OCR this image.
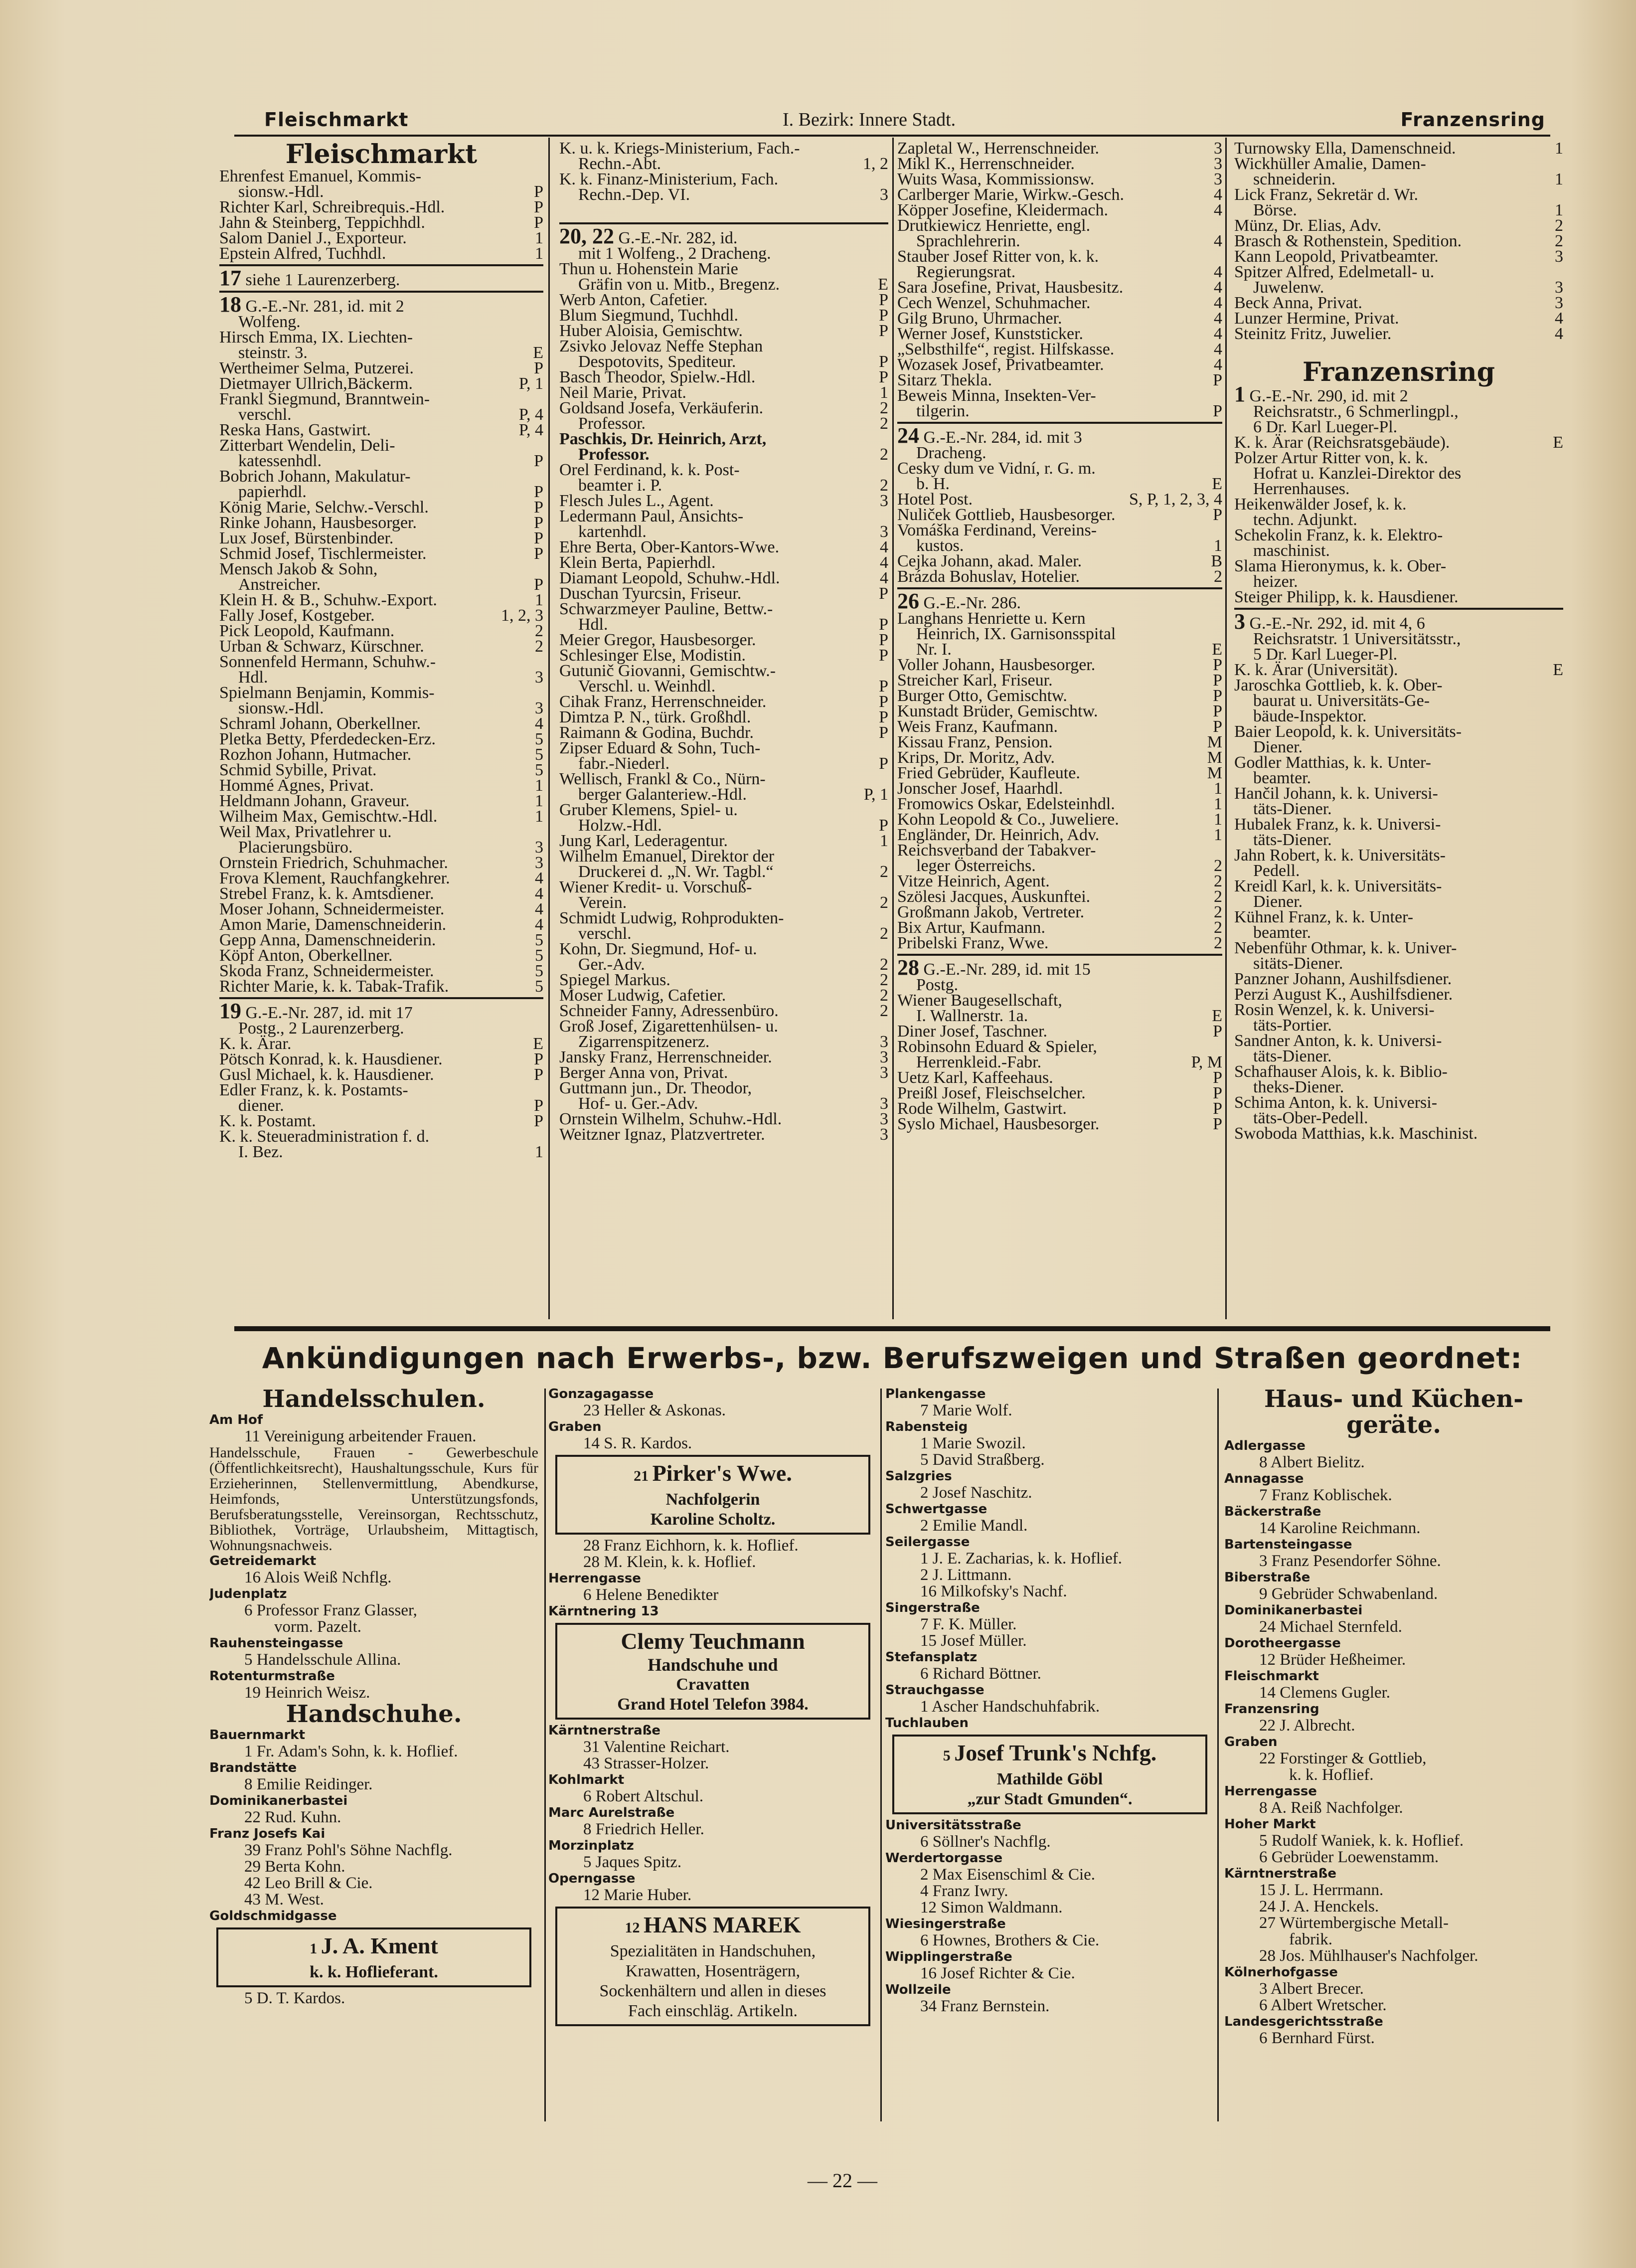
Fleischmarkt	I. Bezirk: Innere Stadt.	Franzensring
Fleischmarkt
Ehrenfest Emanuel, Kommis-
sionsw.-Hdl.	P
Richter Karl, Schreibrequis.-Hdl.	P
Jahn & Steinberg, Teppichhdl.	P
Salom Daniel J., Exporteur.	1
Epstein Alfred, Tuchhdl.	1
17 siehe 1 Laurenzerberg.
18 G.-E.-Nr. 281, id. mit 2
Wolfeng.
Hirsch Emma, IX. Liechten-
steinstr. 3.	E
Wertheimer Selma, Putzerei.	P
Dietmayer Ullrich,Bäckerm.	P, 1
Frankl Siegmund, Branntwein-
verschl.	P, 4
Reska Hans, Gastwirt.	P, 4
Zitterbart Wendelin, Deli-
katessenhdl.	P
Bobrich Johann, Makulatur-
papierhdl.	P
König Marie, Selchw.-Verschl.	P
Rinke Johann, Hausbesorger.	P
Lux Josef, Bürstenbinder.	P
Schmid Josef, Tischlermeister.	P
Mensch Jakob & Sohn,
Anstreicher.	P
Klein H. & B., Schuhw.-Export.	1
Fally Josef, Kostgeber.	1, 2, 3
Pick Leopold, Kaufmann.	2
Urban & Schwarz, Kürschner.	2
Sonnenfeld Hermann, Schuhw.-
Hdl.	3
Spielmann Benjamin, Kommis-
sionsw.-Hdl.	3
Schraml Johann, Oberkellner.	4
Pletka Betty, Pferdedecken-Erz.	5
Rozhon Johann, Hutmacher.	5
Schmid Sybille, Privat.	5
Hommé Agnes, Privat.	1
Heldmann Johann, Graveur.	1
Wilheim Max, Gemischtw.-Hdl.	1
Weil Max, Privatlehrer u.
Placierungsbüro.	3
Ornstein Friedrich, Schuhmacher.	3
Frova Klement, Rauchfangkehrer.	4
Strebel Franz, k. k. Amtsdiener.	4
Moser Johann, Schneidermeister.	4
Amon Marie, Damenschneiderin.	4
Gepp Anna, Damenschneiderin.	5
Köpf Anton, Oberkellner.	5
Skoda Franz, Schneidermeister.	5
Richter Marie, k. k. Tabak-Trafik.	5
19 G.-E.-Nr. 287, id. mit 17
Postg., 2 Laurenzerberg.
K. k. Ärar.	E
Pötsch Konrad, k. k. Hausdiener.	P
Gusl Michael, k. k. Hausdiener.	P
Edler Franz, k. k. Postamts-
diener.	P
K. k. Postamt.	P
K. k. Steueradministration f. d.
I. Bez.	1
K. u. k. Kriegs-Ministerium, Fach.-
Rechn.-Abt.	1, 2
K. k. Finanz-Ministerium, Fach.
Rechn.-Dep. VI.	3
20, 22 G.-E.-Nr. 282, id.
mit 1 Wolfeng., 2 Dracheng.
Thun u. Hohenstein Marie
Gräfin von u. Mitb., Bregenz.	E
Werb Anton, Cafetier.	P
Blum Siegmund, Tuchhdl.	P
Huber Aloisia, Gemischtw.	P
Zsivko Jelovaz Neffe Stephan
Despotovits, Spediteur.	P
Basch Theodor, Spielw.-Hdl.	P
Neil Marie, Privat.	1
Goldsand Josefa, Verkäuferin.	2
Professor.	2
Paschkis, Dr. Heinrich, Arzt,
Professor.	2
Orel Ferdinand, k. k. Post-
beamter i. P.	2
Flesch Jules L., Agent.	3
Ledermann Paul, Ansichts-
kartenhdl.	3
Ehre Berta, Ober-Kantors-Wwe.	4
Klein Berta, Papierhdl.	4
Diamant Leopold, Schuhw.-Hdl.	4
Duschan Tyurcsin, Friseur.	P
Schwarzmeyer Pauline, Bettw.-
Hdl.	P
Meier Gregor, Hausbesorger.	P
Schlesinger Else, Modistin.	P
Gutunič Giovanni, Gemischtw.-
Verschl. u. Weinhdl.	P
Cihak Franz, Herrenschneider.	P
Dimtza P. N., türk. Großhdl.	P
Raimann & Godina, Buchdr.	P
Zipser Eduard & Sohn, Tuch-
fabr.-Niederl.	P
Wellisch, Frankl & Co., Nürn-
berger Galanteriew.-Hdl.	P, 1
Gruber Klemens, Spiel- u.
Holzw.-Hdl.	P
Jung Karl, Lederagentur.	1
Wilhelm Emanuel, Direktor der
Druckerei d. „N. Wr. Tagbl.“	2
Wiener Kredit- u. Vorschuß-
Verein.	2
Schmidt Ludwig, Rohprodukten-
verschl.	2
Kohn, Dr. Siegmund, Hof- u.
Ger.-Adv.	2
Spiegel Markus.	2
Moser Ludwig, Cafetier.	2
Schneider Fanny, Adressenbüro.	2
Groß Josef, Zigarettenhülsen- u.
Zigarrenspitzenerz.	3
Jansky Franz, Herrenschneider.	3
Berger Anna von, Privat.	3
Guttmann jun., Dr. Theodor,
Hof- u. Ger.-Adv.	3
Ornstein Wilhelm, Schuhw.-Hdl.	3
Weitzner Ignaz, Platzvertreter.	3
Zapletal W., Herrenschneider.	3
Mikl K., Herrenschneider.	3
Wuits Wasa, Kommissionsw.	3
Carlberger Marie, Wirkw.-Gesch.	4
Köpper Josefine, Kleidermach.	4
Drutkiewicz Henriette, engl.
Sprachlehrerin.	4
Stauber Josef Ritter von, k. k.
Regierungsrat.	4
Sara Josefine, Privat, Hausbesitz.	4
Cech Wenzel, Schuhmacher.	4
Gilg Bruno, Uhrmacher.	4
Werner Josef, Kunststicker.	4
„Selbsthilfe“, regist. Hilfskasse.	4
Wozasek Josef, Privatbeamter.	4
Sitarz Thekla.	P
Beweis Minna, Insekten-Ver-
tilgerin.	P
24 G.-E.-Nr. 284, id. mit 3
Dracheng.
Cesky dum ve Vidní, r. G. m.
b. H.	E
Hotel Post.	S, P, 1, 2, 3, 4
Nuliček Gottlieb, Hausbesorger.	P
Vomáška Ferdinand, Vereins-
kustos.	1
Cejka Johann, akad. Maler.	B
Brázda Bohuslav, Hotelier.	2
26 G.-E.-Nr. 286.
Langhans Henriette u. Kern
Heinrich, IX. Garnisonsspital
Nr. I.	E
Voller Johann, Hausbesorger.	P
Streicher Karl, Friseur.	P
Burger Otto, Gemischtw.	P
Kunstadt Brüder, Gemischtw.	P
Weis Franz, Kaufmann.	P
Kissau Franz, Pension.	M
Krips, Dr. Moritz, Adv.	M
Fried Gebrüder, Kaufleute.	M
Jonscher Josef, Haarhdl.	1
Fromowics Oskar, Edelsteinhdl.	1
Kohn Leopold & Co., Juweliere.	1
Engländer, Dr. Heinrich, Adv.	1
Reichsverband der Tabakver-
leger Österreichs.	2
Vitze Heinrich, Agent.	2
Szölesi Jacques, Auskunftei.	2
Großmann Jakob, Vertreter.	2
Bix Artur, Kaufmann.	2
Pribelski Franz, Wwe.	2
28 G.-E.-Nr. 289, id. mit 15
Postg.
Wiener Baugesellschaft,
I. Wallnerstr. 1a.	E
Diner Josef, Taschner.	P
Robinsohn Eduard & Spieler,
Herrenkleid.-Fabr.	P, M
Uetz Karl, Kaffeehaus.	P
Preißl Josef, Fleischselcher.	P
Rode Wilhelm, Gastwirt.	P
Syslo Michael, Hausbesorger.	P
Turnowsky Ella, Damenschneid.	1
Wickhüller Amalie, Damen-
schneiderin.	1
Lick Franz, Sekretär d. Wr.
Börse.	1
Münz, Dr. Elias, Adv.	2
Brasch & Rothenstein, Spedition.	2
Kann Leopold, Privatbeamter.	3
Spitzer Alfred, Edelmetall- u.
Juwelenw.	3
Beck Anna, Privat.	3
Lunzer Hermine, Privat.	4
Steinitz Fritz, Juwelier.	4
Franzensring
1 G.-E.-Nr. 290, id. mit 2
Reichsratstr., 6 Schmerlingpl.,
6 Dr. Karl Lueger-Pl.
K. k. Ärar (Reichsratsgebäude).	E
Polzer Artur Ritter von, k. k.
Hofrat u. Kanzlei-Direktor des
Herrenhauses.
Heikenwälder Josef, k. k.
techn. Adjunkt.
Schekolin Franz, k. k. Elektro-
maschinist.
Slama Hieronymus, k. k. Ober-
heizer.
Steiger Philipp, k. k. Hausdiener.
3 G.-E.-Nr. 292, id. mit 4, 6
Reichsratstr. 1 Universitätsstr.,
5 Dr. Karl Lueger-Pl.
K. k. Ärar (Universität).	E
Jaroschka Gottlieb, k. k. Ober-
baurat u. Universitäts-Ge-
bäude-Inspektor.
Baier Leopold, k. k. Universitäts-
Diener.
Godler Matthias, k. k. Unter-
beamter.
Hančil Johann, k. k. Universi-
täts-Diener.
Hubalek Franz, k. k. Universi-
täts-Diener.
Jahn Robert, k. k. Universitäts-
Pedell.
Kreidl Karl, k. k. Universitäts-
Diener.
Kühnel Franz, k. k. Unter-
beamter.
Nebenführ Othmar, k. k. Univer-
sitäts-Diener.
Panzner Johann, Aushilfsdiener.
Perzi August K., Aushilfsdiener.
Rosin Wenzel, k. k. Universi-
täts-Portier.
Sandner Anton, k. k. Universi-
täts-Diener.
Schafhauser Alois, k. k. Biblio-
theks-Diener.
Schima Anton, k. k. Universi-
täts-Ober-Pedell.
Swoboda Matthias, k.k. Maschinist.
Ankündigungen nach Erwerbs-, bzw. Berufszweigen und Straßen geordnet:
Handelsschulen.
Am Hof
11 Vereinigung arbeitender Frauen.
Handelsschule, Frauen - Gewerbeschule (Öffentlichkeitsrecht), Haushaltungsschule, Kurs für Erzieherinnen, Stellenvermittlung, Abendkurse, Heimfonds, Unterstützungsfonds, Berufsberatungsstelle, Vereinsorgan, Rechtsschutz, Bibliothek, Vorträge, Urlaubsheim, Mittagtisch, Wohnungsnachweis.
Getreidemarkt
16 Alois Weiß Nchflg.
Judenplatz
6 Professor Franz Glasser,
vorm. Pazelt.
Rauhensteingasse
5 Handelsschule Allina.
Rotenturmstraße
19 Heinrich Weisz.
Handschuhe.
Bauernmarkt
1 Fr. Adam's Sohn, k. k. Hoflief.
Brandstätte
8 Emilie Reidinger.
Dominikanerbastei
22 Rud. Kuhn.
Franz Josefs Kai
39 Franz Pohl's Söhne Nachflg.
29 Berta Kohn.
42 Leo Brill & Cie.
43 M. West.
Goldschmidgasse
1 J. A. Kment
k. k. Hoflieferant.
5 D. T. Kardos.
Gonzagagasse
23 Heller & Askonas.
Graben
14 S. R. Kardos.
21 Pirker's Wwe.
Nachfolgerin
Karoline Scholtz.
28 Franz Eichhorn, k. k. Hoflief.
28 M. Klein, k. k. Hoflief.
Herrengasse
6 Helene Benedikter
Kärntnering 13
Clemy Teuchmann
Handschuhe und
Cravatten
Grand Hotel Telefon 3984.
Kärntnerstraße
31 Valentine Reichart.
43 Strasser-Holzer.
Kohlmarkt
6 Robert Altschul.
Marc Aurelstraße
8 Friedrich Heller.
Morzinplatz
5 Jaques Spitz.
Operngasse
12 Marie Huber.
12 HANS MAREK
Spezialitäten in Handschuhen,
Krawatten, Hosenträgern,
Sockenhältern und allen in dieses
Fach einschläg. Artikeln.
Plankengasse
7 Marie Wolf.
Rabensteig
1 Marie Swozil.
5 David Straßberg.
Salzgries
2 Josef Naschitz.
Schwertgasse
2 Emilie Mandl.
Seilergasse
1 J. E. Zacharias, k. k. Hoflief.
2 J. Littmann.
16 Milkofsky's Nachf.
Singerstraße
7 F. K. Müller.
15 Josef Müller.
Stefansplatz
6 Richard Böttner.
Strauchgasse
1 Ascher Handschuhfabrik.
Tuchlauben
5 Josef Trunk's Nchfg.
Mathilde Göbl
„zur Stadt Gmunden“.
Universitätsstraße
6 Söllner's Nachflg.
Werdertorgasse
2 Max Eisenschiml & Cie.
4 Franz Iwry.
12 Simon Waldmann.
Wiesingerstraße
6 Hownes, Brothers & Cie.
Wipplingerstraße
16 Josef Richter & Cie.
Wollzeile
34 Franz Bernstein.
Haus- und Küchen-
geräte.
Adlergasse
8 Albert Bielitz.
Annagasse
7 Franz Koblischek.
Bäckerstraße
14 Karoline Reichmann.
Bartensteingasse
3 Franz Pesendorfer Söhne.
Biberstraße
9 Gebrüder Schwabenland.
Dominikanerbastei
24 Michael Sternfeld.
Dorotheergasse
12 Brüder Heßheimer.
Fleischmarkt
14 Clemens Gugler.
Franzensring
22 J. Albrecht.
Graben
22 Forstinger & Gottlieb,
k. k. Hoflief.
Herrengasse
8 A. Reiß Nachfolger.
Hoher Markt
5 Rudolf Waniek, k. k. Hoflief.
6 Gebrüder Loewenstamm.
Kärntnerstraße
15 J. L. Herrmann.
24 J. A. Henckels.
27 Würtembergische Metall-
fabrik.
28 Jos. Mühlhauser's Nachfolger.
Kölnerhofgasse
3 Albert Brecer.
6 Albert Wretscher.
Landesgerichtsstraße
6 Bernhard Fürst.
— 22 —
